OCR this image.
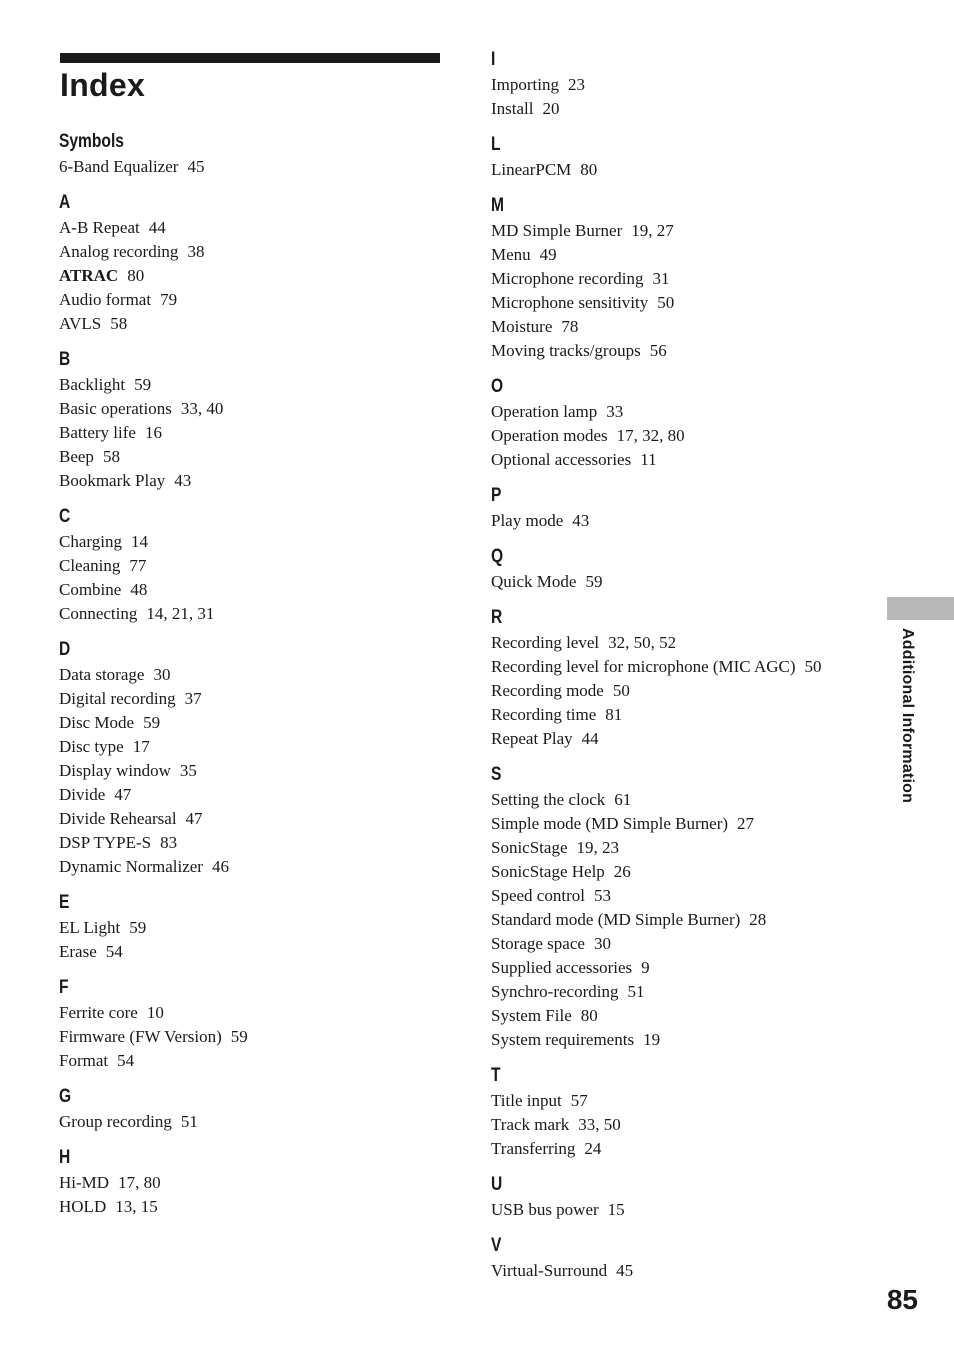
Index
Symbols
6-Band Equalizer 45
A
A-B Repeat 44
Analog recording 38
ATRAC 80
Audio format 79
AVLS 58
B
Backlight 59
Basic operations 33, 40
Battery life 16
Beep 58
Bookmark Play 43
C
Charging 14
Cleaning 77
Combine 48
Connecting 14, 21, 31
D
Data storage 30
Digital recording 37
Disc Mode 59
Disc type 17
Display window 35
Divide 47
Divide Rehearsal 47
DSP TYPE-S 83
Dynamic Normalizer 46
E
EL Light 59
Erase 54
F
Ferrite core 10
Firmware (FW Version) 59
Format 54
G
Group recording 51
H
Hi-MD 17, 80
HOLD 13, 15
I
Importing 23
Install 20
L
LinearPCM 80
M
MD Simple Burner 19, 27
Menu 49
Microphone recording 31
Microphone sensitivity 50
Moisture 78
Moving tracks/groups 56
O
Operation lamp 33
Operation modes 17, 32, 80
Optional accessories 11
P
Play mode 43
Q
Quick Mode 59
R
Recording level 32, 50, 52
Recording level for microphone (MIC AGC) 50
Recording mode 50
Recording time 81
Repeat Play 44
S
Setting the clock 61
Simple mode (MD Simple Burner) 27
SonicStage 19, 23
SonicStage Help 26
Speed control 53
Standard mode (MD Simple Burner) 28
Storage space 30
Supplied accessories 9
Synchro-recording 51
System File 80
System requirements 19
T
Title input 57
Track mark 33, 50
Transferring 24
U
USB bus power 15
V
Virtual-Surround 45
Additional Information
85
